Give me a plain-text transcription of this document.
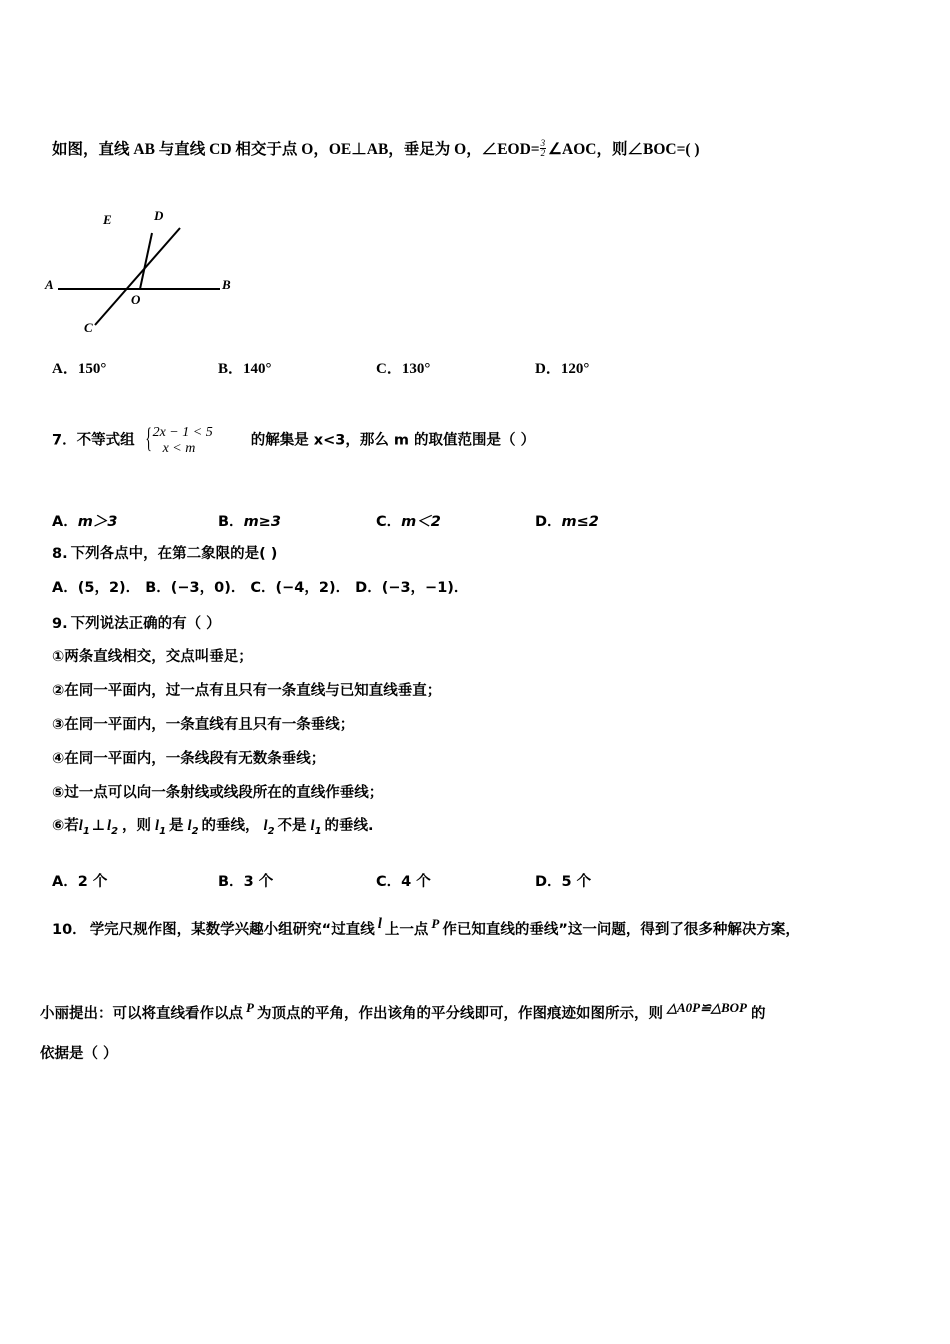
如图，直线 AB 与直线 CD 相交于点 O，OE⊥AB，垂足为 O，∠EOD= $\frac{3}{2}$ ∠AOC，则∠BOC=( )
E	D
A	B
O
C
A．150°	B．140°	C．130°	D．120°
7．不等式组
{ 2x − 1 < 5
x < m	的解集是 x<3，那么 m 的取值范围是（ ）
A．m＞3	B．m≥3	C．m＜2	D．m≤2
8. 下列各点中，在第二象限的是( )
A．(5，2)． B．(−3，0)． C．(−4，2)． D．(−3，−1)．
9. 下列说法正确的有（ ）
①两条直线相交，交点叫垂足；
②在同一平面内，过一点有且只有一条直线与已知直线垂直；
③在同一平面内，一条直线有且只有一条垂线；
④在同一平面内，一条线段有无数条垂线；
⑤过一点可以向一条射线或线段所在的直线作垂线；
⑥若$l_1$ ⊥ $l_2$ ，则 $l_1$ 是 $l_2$ 的垂线， $l_2$ 不是 $l_1$ 的垂线.
A．2 个	B．3 个	C．4 个	D．5 个
10． 学完尺规作图，某数学兴趣小组研究“过直线 l 上一点 P 作已知直线的垂线”这一问题，得到了很多种解决方案，
小丽提出：可以将直线看作以点 P 为顶点的平角，作出该角的平分线即可，作图痕迹如图所示，则 △A0P≌△BOP 的
依据是（ ）
